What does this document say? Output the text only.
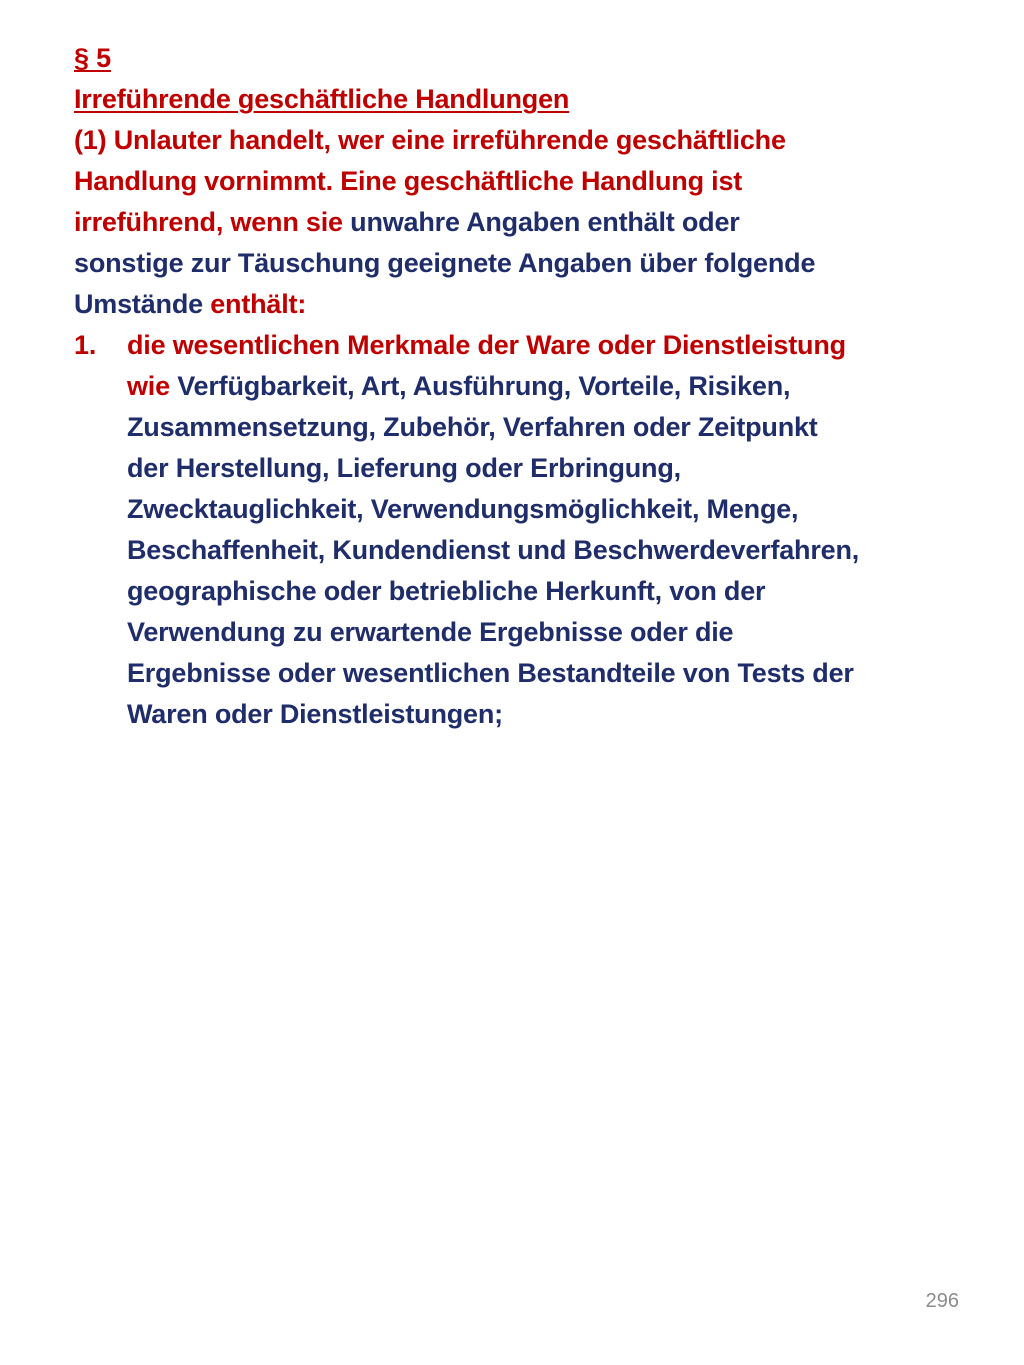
§ 5
Irreführende geschäftliche Handlungen
(1) Unlauter handelt, wer eine irreführende geschäftliche
Handlung vornimmt. Eine geschäftliche Handlung ist
irreführend, wenn sie unwahre Angaben enthält oder
sonstige zur Täuschung geeignete Angaben über folgende
Umstände enthält:
1. die wesentlichen Merkmale der Ware oder Dienstleistung
wie Verfügbarkeit, Art, Ausführung, Vorteile, Risiken,
Zusammensetzung, Zubehör, Verfahren oder Zeitpunkt
der Herstellung, Lieferung oder Erbringung,
Zwecktauglichkeit, Verwendungsmöglichkeit, Menge,
Beschaffenheit, Kundendienst und Beschwerdeverfahren,
geographische oder betriebliche Herkunft, von der
Verwendung zu erwartende Ergebnisse oder die
Ergebnisse oder wesentlichen Bestandteile von Tests der
Waren oder Dienstleistungen;
296
